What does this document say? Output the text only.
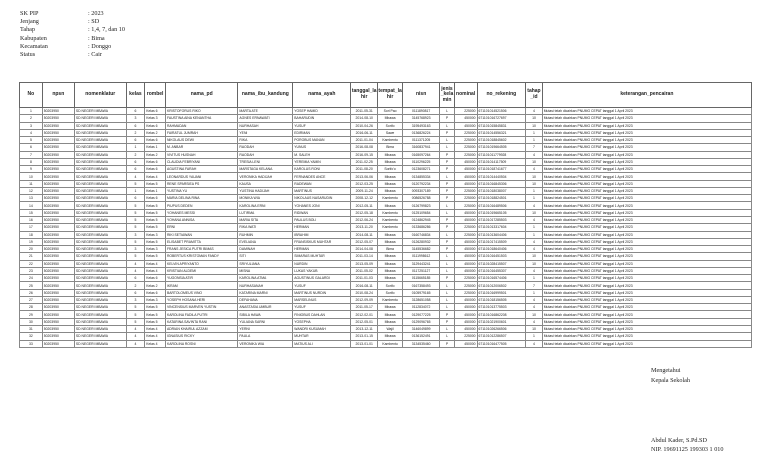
SK PIP	: 2023
Jenjang	: SD
Tahap	: 1,4, 7, dan 10
Kabupaten	: Bima
Kecamatan	: Donggo
Status	: Cair
No	npsn	nomenklatur	kelas	rombel	nama_pd	nama_ibu_kandung	nama_ayah	tanggal_lahir	tempat_lahir	nisn	jenis_kelamin	nominal	no_rekening	tahap_id	keterangan_pencairan
1	50203950	SD NEGERI MBAWA	6	Kelas 6	KRISTOFORUS RIKO	MARTA ATE	YOSEP HAMID	2011-05-31	Sori Pao	0111890817	L	225000	671101014521506	4	Mutasi telah dicairkan PNUMG CEPAT tanggal 1 April 2023
2	50203950	SD NEGERI MBAWA	3	Kelas 3	FAUSTINA AINA KENANTHA	AGNES ERNAWATI	BAHARUDIN	2014-08-10	Mbawa	3145768923	P	450000	671101016727697	10	Mutasi telah dicairkan PNUMG CEPAT tanggal 1 April 2023
3	50203950	SD NEGERI MBAWA	6	Kelas 6	RAHMADAN	NURHASAH	YUSUF	2010-04-26	Sorifo	3195493163	L	450000	671101015845831	10	Mutasi telah dicairkan PNUMG CEPAT tanggal 1 April 2023
4	50203950	SD NEGERI MBAWA	2	Kelas 2	FAIRATUL JUMRAH	YENI	EDIRMAN	2016-06-11	Sawe	0136826224	P	225000	671101014556321	1	Mutasi telah dicairkan PNUMG CEPAT tanggal 1 April 2023
5	50203950	SD NEGERI MBAWA	6	Kelas 6	NIKOLAUS DEWI	RIKA	POROBUS MANAN	2011-01-04	Kambentu	0111371205	L	225000	671101018845602	1	Mutasi telah dicairkan PNUMG CEPAT tanggal 1 April 2023
6	50203950	SD NEGERI MBAWA	1	Kelas 1	M. ANBAR	RAODAH	YUNUS	2016-08-08	Bima	3160837941	L	225000	671101019664505	7	Mutasi telah dicairkan PNUMG CEPAT tanggal 1 April 2023
7	50203950	SD NEGERI MBAWA	2	Kelas 2	VIVITUS HUSNAH	RAODAH	M. SALEH	2016-09-15	Mbawa	0165097264	P	225000	671101011779928	4	Mutasi telah dicairkan PNUMG CEPAT tanggal 1 April 2023
8	50203950	SD NEGERI MBAWA	6	Kelas 6	CLAUDIA FEBRIYANI	TRESIA LENI	YEREMIA YAMIN	2011-02-25	Mbawa	0110296225	P	450000	671101014117509	10	Mutasi telah dicairkan PNUMG CEPAT tanggal 1 April 2023
9	50203950	SD NEGERI MBAWA	6	Kelas 6	AGUSTINA FARAH	MARSTAGA KELANA	KAROLUS RONI	2011-08-20	Sorifo'o	0123608271	P	450000	671101018741677	4	Mutasi telah dicairkan PNUMG CEPAT tanggal 1 April 2023
10	50203950	SD NEGERI MBAWA	4	Kelas 4	LEONARDUS YAUANI	VERONIKA HADIJAH	FERNANDES ANCE	2013-06-06	Mbawa	0134855334	L	450000	671101014440504	10	Mutasi telah dicairkan PNUMG CEPAT tanggal 1 April 2023
11	50203950	SD NEGERI MBAWA	5	Kelas 5	RENE SPARSIEA PS	KAUSA	RADEWAN	2012-03-25	Mbawa	0120792234	P	450000	671101016845306	10	Mutasi telah dicairkan PNUMG CEPAT tanggal 1 April 2023
12	50203950	SD NEGERI MBAWA	1	Kelas 1	YUSTINA YU	YUSTINA HADIJAH	MARTINUS	2009-11-24	Mbawa	0093307189	P	225000	671101018038007	1	Mutasi telah dicairkan PNUMG CEPAT tanggal 1 April 2023
13	50203950	SD NEGERI MBAWA	6	Kelas 6	MARIA DELINA RINA	MONIKA WIA	NIKOLAUS NASARUDIN	2008-12-12	Kambentu	0086526788	P	225000	671101018824501	1	Mutasi telah dicairkan PNUMG CEPAT tanggal 1 April 2023
14	50203950	SD NEGERI MBAWA	5	Kelas 5	PIUPUS DEDEN	KAROLINA ERNI	YOHANES JONI	2012-05-11	Mbawa	0126799823	L	225000	671101016489506	4	Mutasi telah dicairkan PNUMG CEPAT tanggal 1 April 2023
15	50203950	SD NEGERI MBAWA	5	Kelas 5	YOHANES MESSI	LUTIRMA	RIDWAN	2012-05-18	Kambentu	0125109654	L	450000	671101019665105	10	Mutasi telah dicairkan PNUMG CEPAT tanggal 1 April 2023
16	50203950	SD NEGERI MBAWA	5	Kelas 5	YOHANA ANNISA	MARIA SITA	PAULUS BOLI	2012-06-24	Kambentu	0124862945	P	450000	671101017285503	4	Mutasi telah dicairkan PNUMG CEPAT tanggal 1 April 2023
17	50203950	SD NEGERI MBAWA	5	Kelas 5	ERNI	RIKA WATI	HERMAN	2013-11-20	Kambentu	0133686286	P	225000	671101013317604	1	Mutasi telah dicairkan PNUMG CEPAT tanggal 1 April 2023
18	50203950	SD NEGERI MBAWA	3	Kelas 3	RIKI SETIAWAN	RUHMIN	IBRAHIM	2014-08-11	Mbawa	0160746834	L	225000	671101013604406	1	Mutasi telah dicairkan PNUMG CEPAT tanggal 1 April 2023
19	50203950	SD NEGERI MBAWA	5	Kelas 5	ELISABET PRAMITTA	EVELIANA	FRANSISKUS MUHTAR	2012-05-07	Mbawa	0126280932	P	450000	671101017415509	4	Mutasi telah dicairkan PNUMG CEPAT tanggal 1 April 2023
20	50203950	SD NEGERI MBAWA	3	Kelas 3	FRANS JESICA PUTRI BIMAS	DAMINAH	HERMAN	2014-04-08	Bima	3145536682	P	450000	671101018640406	4	Mutasi telah dicairkan PNUMG CEPAT tanggal 1 April 2023
21	50203950	SD NEGERI MBAWA	5	Kelas 5	ROBERTUS KRISTOMAN FANDY	SITI	SIMARAS MUHTAR	2011-03-14	Mbawa	0111998612	L	450000	671101016451503	10	Mutasi telah dicairkan PNUMG CEPAT tanggal 1 April 2023
22	50203950	SD NEGERI MBAWA	4	Kelas 4	KELVIN APRIYANTO	SRIYULIANA	NURDIN	2013-05-09	Mbawa	3129443241	L	450000	671101028415507	10	Mutasi telah dicairkan PNUMG CEPAT tanggal 1 April 2023
23	50203950	SD NEGERI MBAWA	4	Kelas 4	KRISTIAN ALDEMI	MISNA	LUKAS YAKUB	2011-05-02	Mbawa	0117251127	L	450000	671101016455307	4	Mutasi telah dicairkan PNUMG CEPAT tanggal 1 April 2023
24	50203950	SD NEGERI MBAWA	6	Kelas 6	YUGONSIA ATIR	KAROLINA ATMA	AGUSTINUS GALARDI	2011-01-03	Mbawa	0115665185	P	225000	671101016574406	1	Mutasi telah dicairkan PNUMG CEPAT tanggal 1 April 2023
25	50203950	SD NEGERI MBAWA	2	Kelas 2	IKRAM	NURHASANAH	YUSUF	2016-08-11	Sorifo	0167358493	L	225000	671101012006502	7	Mutasi telah dicairkan PNUMG CEPAT tanggal 1 April 2023
26	50203950	SD NEGERI MBAWA	6	Kelas 6	BARTOLOMEUS VINO	KATARINA MARNI	MARTINUS NURDIN	2010-08-24	Sorifo	0105979165	L	225000	671101016999501	1	Mutasi telah dicairkan PNUMG CEPAT tanggal 1 April 2023
27	50203950	SD NEGERI MBAWA	3	Kelas 3	YOSEPH HOSANA HERI	DEFAHANA	MARSELINUS	2012-09-09	Kambentu	3128651058	L	450000	671101018156505	4	Mutasi telah dicairkan PNUMG CEPAT tanggal 1 April 2023
28	50203950	SD NEGERI MBAWA	5	Kelas 5	VINCENSIUS MARVEN YUSTIN	ANASTASIA UMBUR	YUSUF	2011-05-17	Mbawa	0112834072	L	450000	671101013775503	4	Mutasi telah dicairkan PNUMG CEPAT tanggal 1 April 2023
29	50203950	SD NEGERI MBAWA	5	Kelas 5	KAROLINA FADILA PUTRI	SIBILA HAWA	FINIOBUS DAHLAN	2012-02-01	Mbawa	0129077225	P	450000	671101016862208	10	Mutasi telah dicairkan PNUMG CEPAT tanggal 1 April 2023
30	50203950	SD NEGERI MBAWA	5	Kelas 5	KATARINA SAVINTA RANI	YULIANA SARNI	YOSEPHA	2012-05-01	Mbawa	0129096765	P	450000	671101021900601	4	Mutasi telah dicairkan PNUMG CEPAT tanggal 1 April 2023
31	50203950	SD NEGERI MBAWA	4	Kelas 4	ADRIAN KHAIRUL AZZAM	YERNI	WANDRI KUSUMAH	2013-12-11	Wajil	3146049899	L	450000	671101026266506	10	Mutasi telah dicairkan PNUMG CEPAT tanggal 1 April 2023
32	50203950	SD NEGERI MBAWA	4	Kelas 4	IGNASIUS RICKY	PAULA	MUHTAR	2013-01-15	Mbawa	0136152491	L	225000	671101012286507	1	Mutasi telah dicairkan PNUMG CEPAT tanggal 1 April 2023
33	50203950	SD NEGERI MBAWA	4	Kelas 4	KAROLINA ROSNI	VERONIKA WIA	MATIUS ALI	2013-01-01	Kambentu	3134535460	P	450000	671101016477505	4	Mutasi telah dicairkan PNUMG CEPAT tanggal 1 April 2023
Mengetahui
Kepala Sekolah
Abdul Kader, S.Pd.SD
NIP. 19691125 199303 1 010
